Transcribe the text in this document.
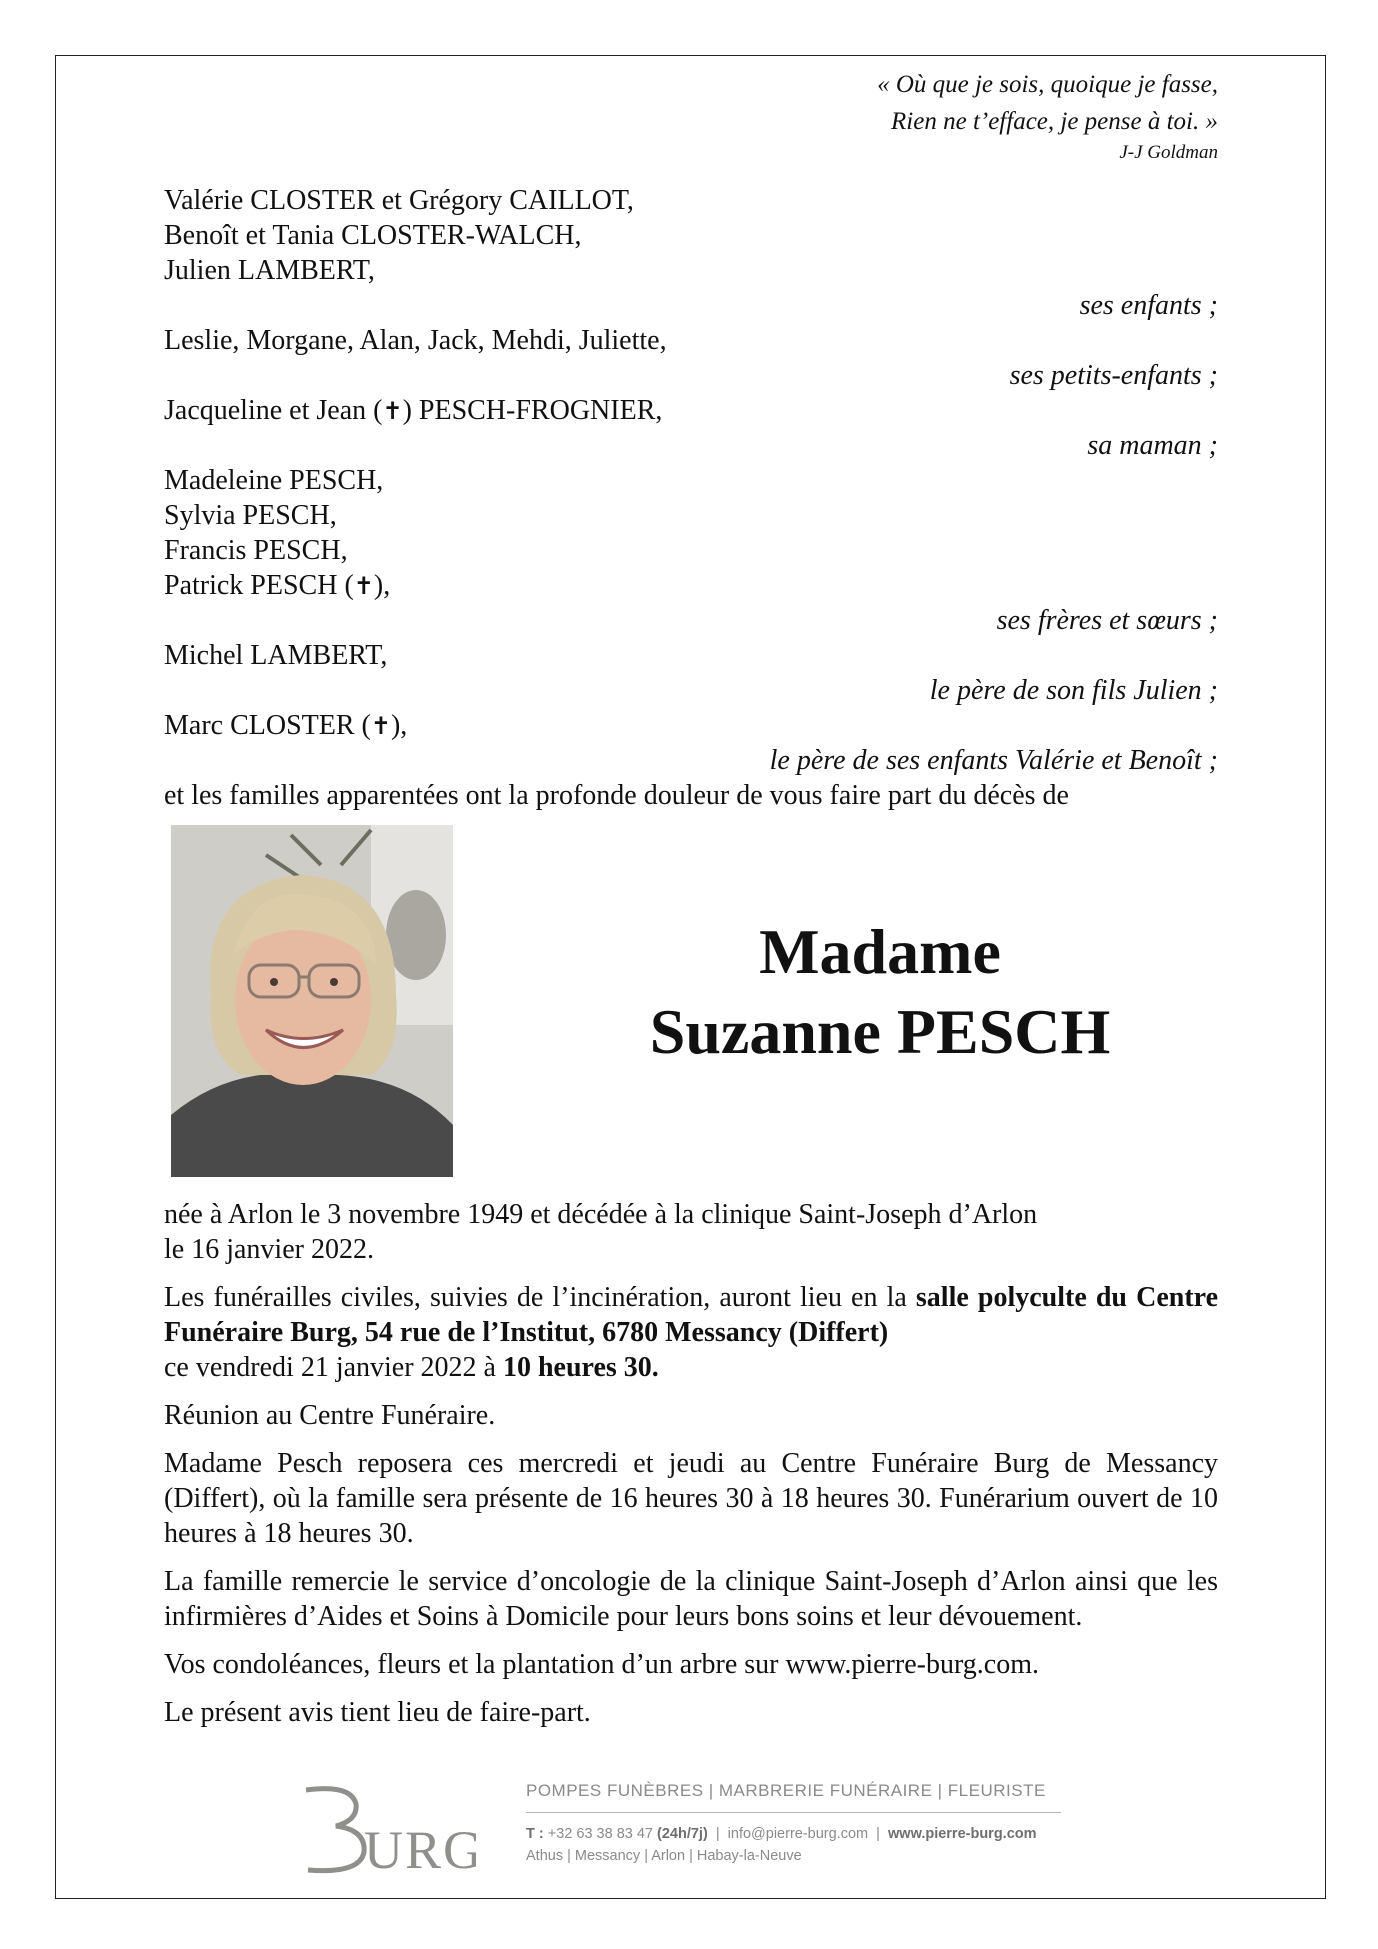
« Où que je sois, quoique je fasse,
Rien ne t’efface, je pense à toi. »
J-J Goldman
Valérie CLOSTER et Grégory CAILLOT,
Benoît et Tania CLOSTER-WALCH,
Julien LAMBERT,
ses enfants ;
Leslie, Morgane, Alan, Jack, Mehdi, Juliette,
ses petits-enfants ;
Jacqueline et Jean (✝) PESCH-FROGNIER,
sa maman ;
Madeleine PESCH,
Sylvia PESCH,
Francis PESCH,
Patrick PESCH (✝),
ses frères et sœurs ;
Michel LAMBERT,
le père de son fils Julien ;
Marc CLOSTER (✝),
le père de ses enfants Valérie et Benoît ;
et les familles apparentées ont la profonde douleur de vous faire part du décès de
Madame
Suzanne PESCH

née à Arlon le 3 novembre 1949 et décédée à la clinique Saint-Joseph d’Arlon
le 16 janvier 2022.

Les funérailles civiles, suivies de l’incinération, auront lieu en la salle polyculte du Centre Funéraire Burg, 54 rue de l’Institut, 6780 Messancy (Differt)
ce vendredi 21 janvier 2022 à 10 heures 30.

Réunion au Centre Funéraire.

Madame Pesch reposera ces mercredi et jeudi au Centre Funéraire Burg de Messancy (Differt), où la famille sera présente de 16 heures 30 à 18 heures 30. Funérarium ouvert de 10 heures à 18 heures 30.

La famille remercie le service d’oncologie de la clinique Saint-Joseph d’Arlon ainsi que les infirmières d’Aides et Soins à Domicile pour leurs bons soins et leur dévouement.

Vos condoléances, fleurs et la plantation d’un arbre sur www.pierre-burg.com.

Le présent avis tient lieu de faire-part.

URG
POMPES FUNÈBRES | MARBRERIE FUNÉRAIRE | FLEURISTE
T : +32 63 38 83 47 (24h/7j)  |  info@pierre-burg.com  |  www.pierre-burg.com
Athus | Messancy | Arlon | Habay-la-Neuve
